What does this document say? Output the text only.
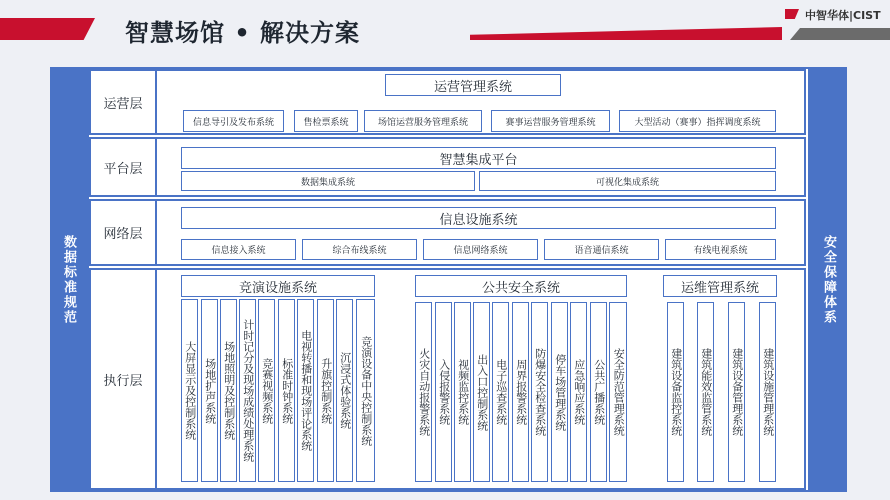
中智华体|CIST
智慧场馆 • 解决方案
数据标准规范	安全保障体系
运营层
运营管理系统
信息导引及发布系统	售检票系统	场馆运营服务管理系统	赛事运营服务管理系统	大型活动（赛事）指挥调度系统
平台层
智慧集成平台
数据集成系统	可视化集成系统
网络层
信息设施系统
信息接入系统	综合布线系统	信息网络系统	语音通信系统	有线电视系统
执行层
竞演设施系统
大屏显示及控制系统 场地扩声系统 场地照明及控制系统 计时记分及现场成绩处理系统 竞赛视频系统 标准时钟系统 电视转播和现场评论系统 升旗控制系统 沉浸式体验系统 竞演设备中央控制系统
公共安全系统
火灾自动报警系统 入侵报警系统 视频监控系统 出入口控制系统 电子巡查系统 周界报警系统 防爆安全检查系统 停车场管理系统 应急响应系统 公共广播系统 安全防范管理系统
运维管理系统
建筑设备监控系统 建筑能效监管系统 建筑设备管理系统 建筑设施管理系统
